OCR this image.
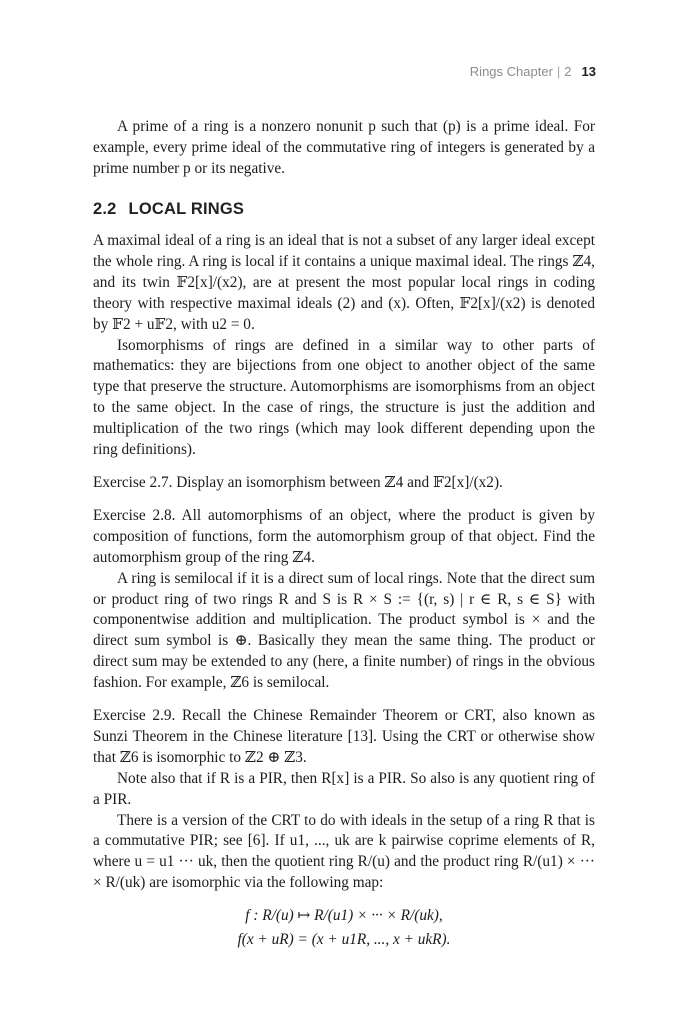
Rings Chapter | 2 13

A prime of a ring is a nonzero nonunit p such that (p) is a prime ideal. For example, every prime ideal of the commutative ring of integers is generated by a prime number p or its negative.

2.2 LOCAL RINGS

A maximal ideal of a ring is an ideal that is not a subset of any larger ideal except the whole ring. A ring is local if it contains a unique maximal ideal. The rings ℤ4, and its twin 𝔽2[x]/(x2), are at present the most popular local rings in coding theory with respective maximal ideals (2) and (x). Often, 𝔽2[x]/(x2) is denoted by 𝔽2 + u𝔽2, with u2 = 0.

Isomorphisms of rings are defined in a similar way to other parts of mathematics: they are bijections from one object to another object of the same type that preserve the structure. Automorphisms are isomorphisms from an object to the same object. In the case of rings, the structure is just the addition and multiplication of the two rings (which may look different depending upon the ring definitions).

Exercise 2.7. Display an isomorphism between ℤ4 and 𝔽2[x]/(x2).

Exercise 2.8. All automorphisms of an object, where the product is given by composition of functions, form the automorphism group of that object. Find the automorphism group of the ring ℤ4.

A ring is semilocal if it is a direct sum of local rings. Note that the direct sum or product ring of two rings R and S is R × S := {(r, s) | r ∈ R, s ∈ S} with componentwise addition and multiplication. The product symbol is × and the direct sum symbol is ⊕. Basically they mean the same thing. The product or direct sum may be extended to any (here, a finite number) of rings in the obvious fashion. For example, ℤ6 is semilocal.

Exercise 2.9. Recall the Chinese Remainder Theorem or CRT, also known as Sunzi Theorem in the Chinese literature [13]. Using the CRT or otherwise show that ℤ6 is isomorphic to ℤ2 ⊕ ℤ3.

Note also that if R is a PIR, then R[x] is a PIR. So also is any quotient ring of a PIR.

There is a version of the CRT to do with ideals in the setup of a ring R that is a commutative PIR; see [6]. If u1, ..., uk are k pairwise coprime elements of R, where u = u1 ··· uk, then the quotient ring R/(u) and the product ring R/(u1) × ··· × R/(uk) are isomorphic via the following map:

f : R/(u) ↦ R/(u1) × ··· × R/(uk),
f(x + uR) = (x + u1R, ..., x + ukR).
